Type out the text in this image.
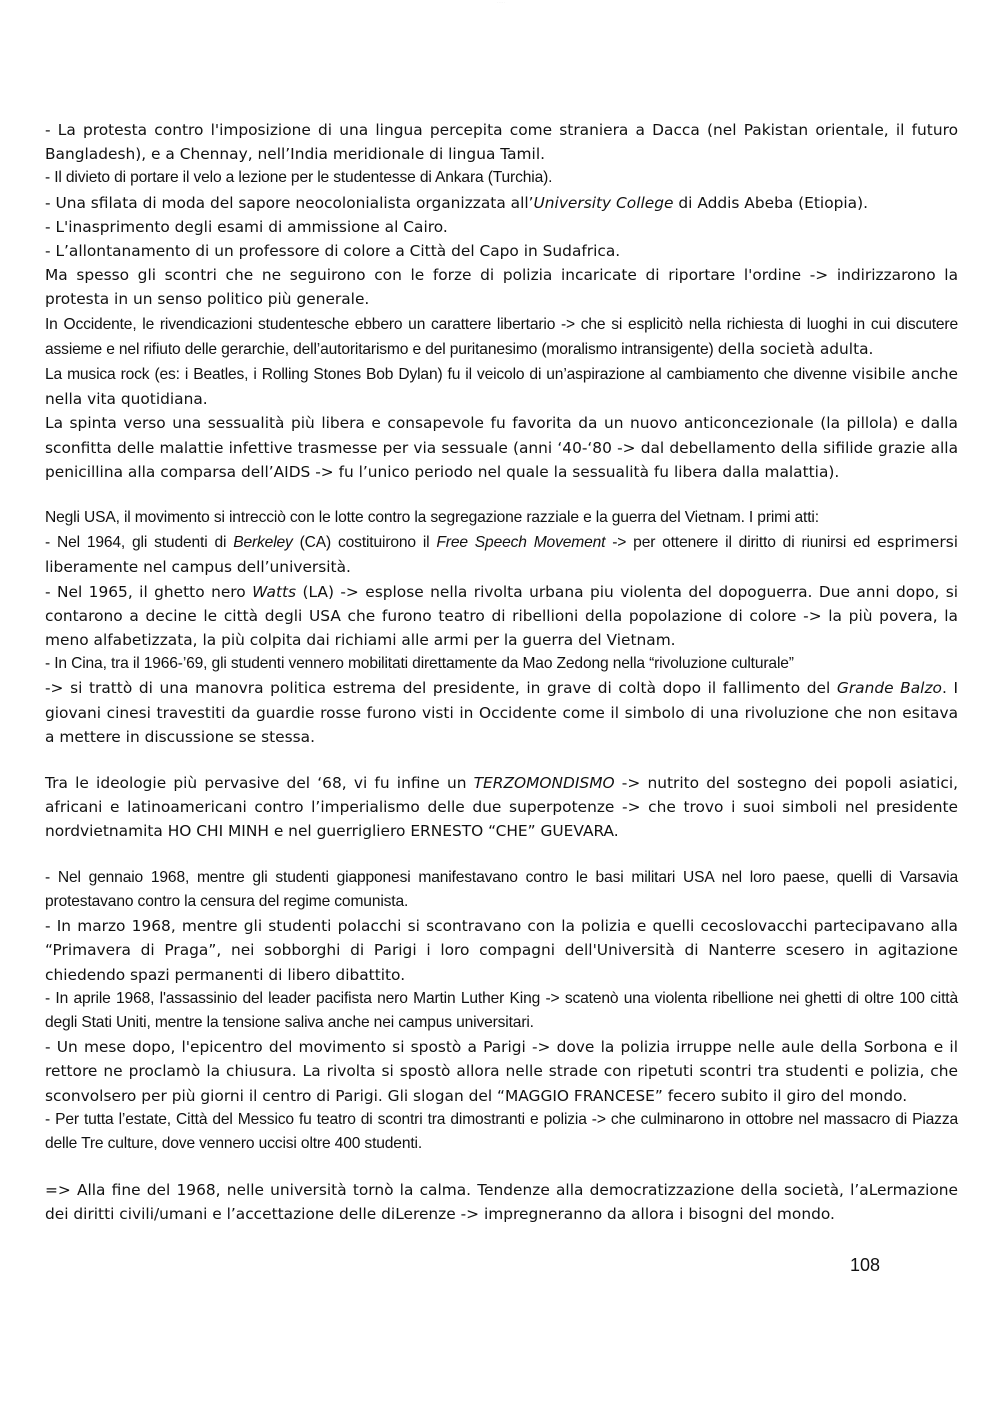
· · · · ·

- La protesta contro l'imposizione di una lingua percepita come straniera a Dacca (nel Pakistan orientale, il futuro Bangladesh), e a Chennay, nell’India meridionale di lingua Tamil.

- Il divieto di portare il velo a lezione per le studentesse di Ankara (Turchia).

- Una sfilata di moda del sapore neocolonialista organizzata all’University College di Addis Abeba (Etiopia).

- L'inasprimento degli esami di ammissione al Cairo.

- L’allontanamento di un professore di colore a Città del Capo in Sudafrica.

Ma spesso gli scontri che ne seguirono con le forze di polizia incaricate di riportare l'ordine -> indirizzarono la protesta in un senso politico più generale.

In Occidente, le rivendicazioni studentesche ebbero un carattere libertario -> che si esplicitò nella richiesta di luoghi in cui discutere assieme e nel rifiuto delle gerarchie, dell’autoritarismo e del puritanesimo (moralismo intransigente) della società adulta.

La musica rock (es: i Beatles, i Rolling Stones Bob Dylan) fu il veicolo di un’aspirazione al cambiamento che divenne visibile anche nella vita quotidiana.

La spinta verso una sessualità più libera e consapevole fu favorita da un nuovo anticoncezionale (la pillola) e dalla sconfitta delle malattie infettive trasmesse per via sessuale (anni ‘40-‘80 -> dal debellamento della sifilide grazie alla penicillina alla comparsa dell’AIDS -> fu l’unico periodo nel quale la sessualità fu libera dalla malattia).

Negli USA, il movimento si intrecciò con le lotte contro la segregazione razziale e la guerra del Vietnam. I primi atti:

- Nel 1964, gli studenti di Berkeley (CA) costituirono il Free Speech Movement -> per ottenere il diritto di riunirsi ed esprimersi liberamente nel campus dell’università.

- Nel 1965, il ghetto nero Watts (LA) -> esplose nella rivolta urbana piu violenta del dopoguerra. Due anni dopo, si contarono a decine le città degli USA che furono teatro di ribellioni della popolazione di colore -> la più povera, la meno alfabetizzata, la più colpita dai richiami alle armi per la guerra del Vietnam.

- In Cina, tra il 1966-’69, gli studenti vennero mobilitati direttamente da Mao Zedong nella “rivoluzione culturale”

-> si trattò di una manovra politica estrema del presidente, in grave di coltà dopo il fallimento del Grande Balzo. I giovani cinesi travestiti da guardie rosse furono visti in Occidente come il simbolo di una rivoluzione che non esitava a mettere in discussione se stessa.

Tra le ideologie più pervasive del ‘68, vi fu infine un TERZOMONDISMO -> nutrito del sostegno dei popoli asiatici, africani e latinoamericani contro l’imperialismo delle due superpotenze -> che trovo i suoi simboli nel presidente nordvietnamita HO CHI MINH e nel guerrigliero ERNESTO “CHE” GUEVARA.

- Nel gennaio 1968, mentre gli studenti giapponesi manifestavano contro le basi militari USA nel loro paese, quelli di Varsavia protestavano contro la censura del regime comunista.

- In marzo 1968, mentre gli studenti polacchi si scontravano con la polizia e quelli cecoslovacchi partecipavano alla “Primavera di Praga”, nei sobborghi di Parigi i loro compagni dell'Università di Nanterre scesero in agitazione chiedendo spazi permanenti di libero dibattito.

- In aprile 1968, l'assassinio del leader pacifista nero Martin Luther King -> scatenò una violenta ribellione nei ghetti di oltre 100 città degli Stati Uniti, mentre la tensione saliva anche nei campus universitari.

- Un mese dopo, l'epicentro del movimento si spostò a Parigi -> dove la polizia irruppe nelle aule della Sorbona e il rettore ne proclamò la chiusura. La rivolta si spostò allora nelle strade con ripetuti scontri tra studenti e polizia, che sconvolsero per più giorni il centro di Parigi. Gli slogan del “MAGGIO FRANCESE” fecero subito il giro del mondo.

- Per tutta l’estate, Città del Messico fu teatro di scontri tra dimostranti e polizia -> che culminarono in ottobre nel massacro di Piazza delle Tre culture, dove vennero uccisi oltre 400 studenti.

=> Alla fine del 1968, nelle università tornò la calma. Tendenze alla democratizzazione della società, l’aLermazione dei diritti civili/umani e l’accettazione delle diLerenze -> impregneranno da allora i bisogni del mondo.

108
